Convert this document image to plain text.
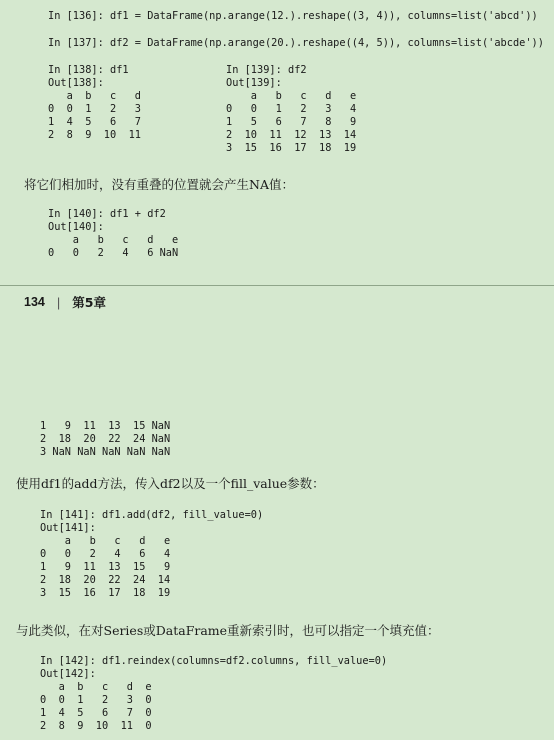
In [136]: df1 = DataFrame(np.arange(12.).reshape((3, 4)), columns=list('abcd'))
In [137]: df2 = DataFrame(np.arange(20.).reshape((4, 5)), columns=list('abcde'))
In [138]: df1
Out[138]:
a  b   c   d
0  0  1   2   3
1  4  5   6   7
2  8  9  10  11
In [139]: df2
Out[139]:
a   b   c   d   e
0   0   1   2   3   4
1   5   6   7   8   9
2  10  11  12  13  14
3  15  16  17  18  19

将它们相加时，没有重叠的位置就会产生NA值：

In [140]: df1 + df2
Out[140]:
a   b   c   d   e
0   0   2   4   6 NaN
134 | 第5章
1   9  11  13  15 NaN
2  18  20  22  24 NaN
3 NaN NaN NaN NaN NaN

使用df1的add方法，传入df2以及一个fill_value参数：

In [141]: df1.add(df2, fill_value=0)
Out[141]:
a   b   c   d   e
0   0   2   4   6   4
1   9  11  13  15   9
2  18  20  22  24  14
3  15  16  17  18  19

与此类似，在对Series或DataFrame重新索引时，也可以指定一个填充值：

In [142]: df1.reindex(columns=df2.columns, fill_value=0)
Out[142]:
a  b   c   d  e
0  0  1   2   3  0
1  4  5   6   7  0
2  8  9  10  11  0
